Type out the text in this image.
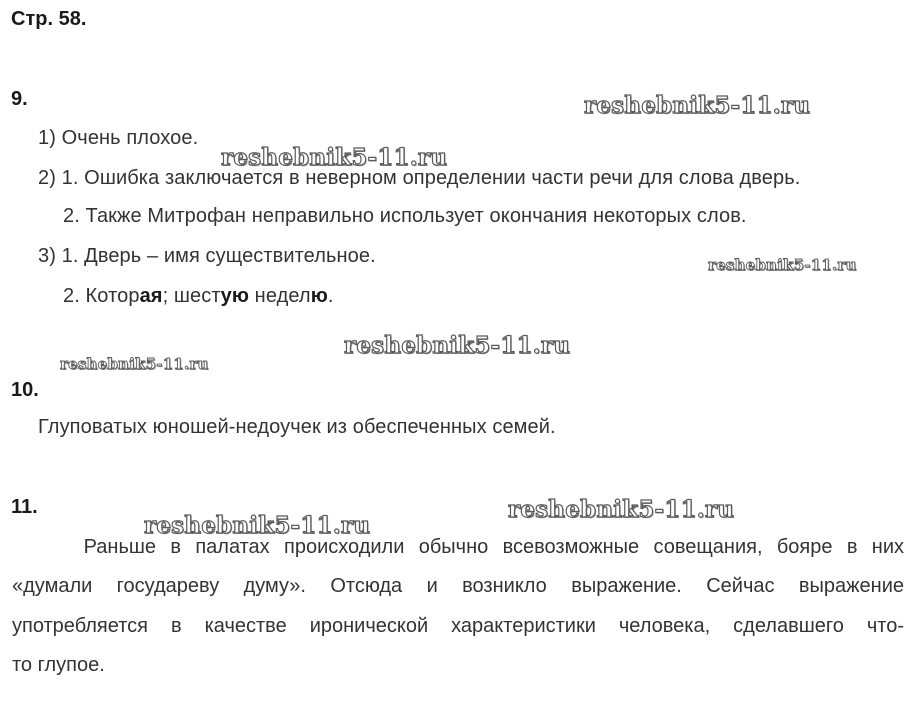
Стр. 58.
9.
1) Очень плохое.
2) 1. Ошибка заключается в неверном определении части речи для слова дверь.
2. Также Митрофан неправильно использует окончания некоторых слов.
3) 1. Дверь – имя существительное.
2. Которая; шестую неделю.
10.
Глуповатых юношей-недоучек из обеспеченных семей.
11.
Раньше в палатах происходили обычно всевозможные совещания, бояре в них
«думали государеву думу». Отсюда и возникло выражение. Сейчас выражение
употребляется в качестве иронической характеристики человека, сделавшего что-
то глупое.
reshebnik5-11.ru
reshebnik5-11.ru
reshebnik5-11.ru
reshebnik5-11.ru
reshebnik5-11.ru
reshebnik5-11.ru
reshebnik5-11.ru
